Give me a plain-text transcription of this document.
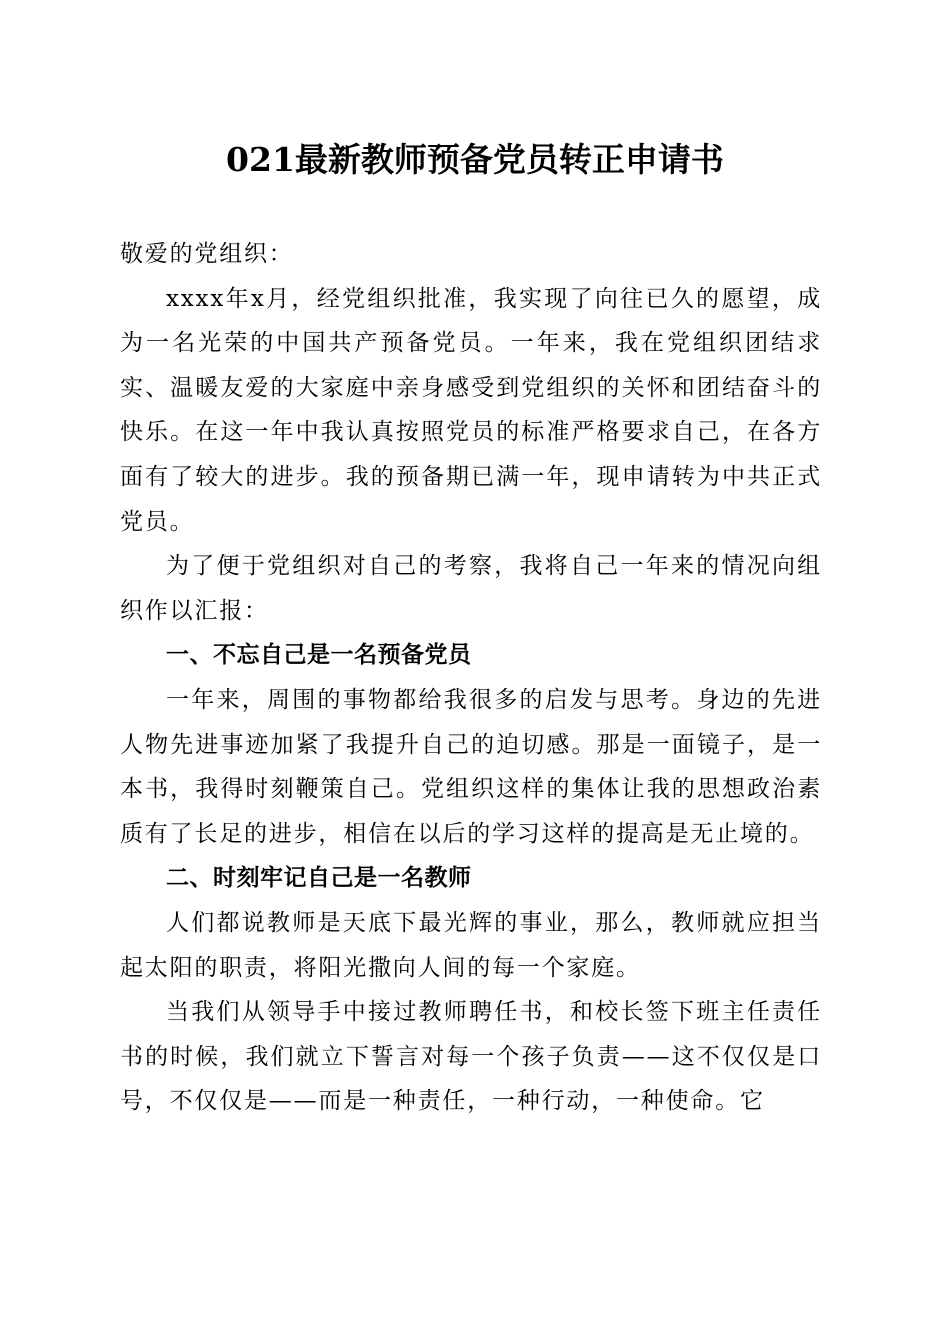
021最新教师预备党员转正申请书

敬爱的党组织：

xxxx年x月，经党组织批准，我实现了向往已久的愿望，成为一名光荣的中国共产预备党员。一年来，我在党组织团结求实、温暖友爱的大家庭中亲身感受到党组织的关怀和团结奋斗的快乐。在这一年中我认真按照党员的标准严格要求自己，在各方面有了较大的进步。我的预备期已满一年，现申请转为中共正式党员。

为了便于党组织对自己的考察，我将自己一年来的情况向组织作以汇报：

一、不忘自己是一名预备党员

一年来，周围的事物都给我很多的启发与思考。身边的先进人物先进事迹加紧了我提升自己的迫切感。那是一面镜子，是一本书，我得时刻鞭策自己。党组织这样的集体让我的思想政治素质有了长足的进步，相信在以后的学习这样的提高是无止境的。

二、时刻牢记自己是一名教师

人们都说教师是天底下最光辉的事业，那么，教师就应担当起太阳的职责，将阳光撒向人间的每一个家庭。

当我们从领导手中接过教师聘任书，和校长签下班主任责任书的时候，我们就立下誓言对每一个孩子负责——这不仅仅是口号，不仅仅是——而是一种责任，一种行动，一种使命。它
